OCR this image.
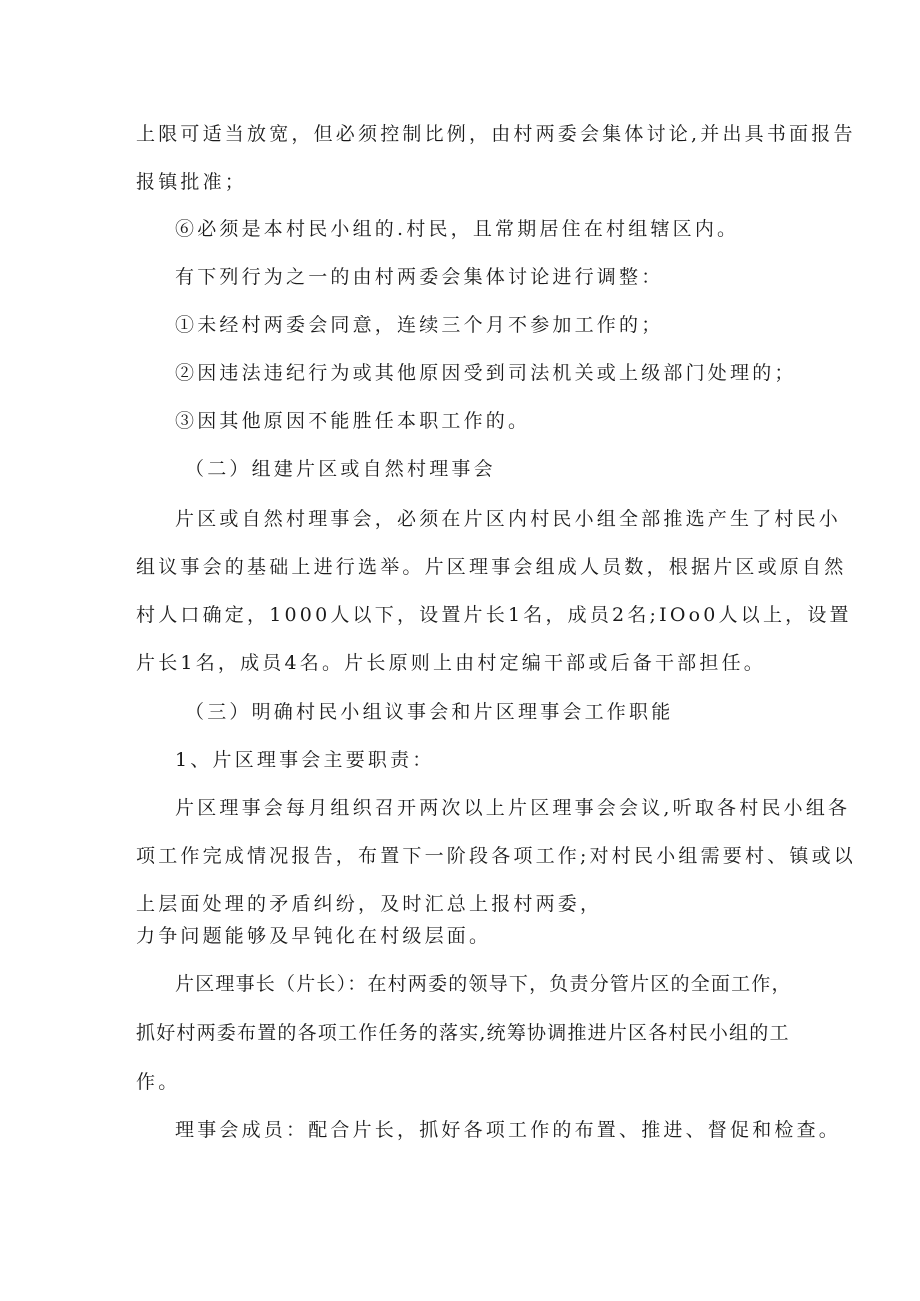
上限可适当放宽，但必须控制比例，由村两委会集体讨论,并出具书面报告
报镇批准；
⑥必须是本村民小组的.村民，且常期居住在村组辖区内。
有下列行为之一的由村两委会集体讨论进行调整：
①未经村两委会同意，连续三个月不参加工作的；
②因违法违纪行为或其他原因受到司法机关或上级部门处理的；
③因其他原因不能胜任本职工作的。
（二）组建片区或自然村理事会
片区或自然村理事会，必须在片区内村民小组全部推选产生了村民小
组议事会的基础上进行选举。片区理事会组成人员数，根据片区或原自然
村人口确定，1000人以下，设置片长1名，成员2名;IOo0人以上，设置
片长1名，成员4名。片长原则上由村定编干部或后备干部担任。
（三）明确村民小组议事会和片区理事会工作职能
1、片区理事会主要职责：
片区理事会每月组织召开两次以上片区理事会会议,听取各村民小组各
项工作完成情况报告，布置下一阶段各项工作;对村民小组需要村、镇或以
上层面处理的矛盾纠纷，及时汇总上报村两委，
力争问题能够及早钝化在村级层面。
片区理事长（片长）：在村两委的领导下，负责分管片区的全面工作，
抓好村两委布置的各项工作任务的落实,统筹协调推进片区各村民小组的工
作。
理事会成员：配合片长，抓好各项工作的布置、推进、督促和检查。
